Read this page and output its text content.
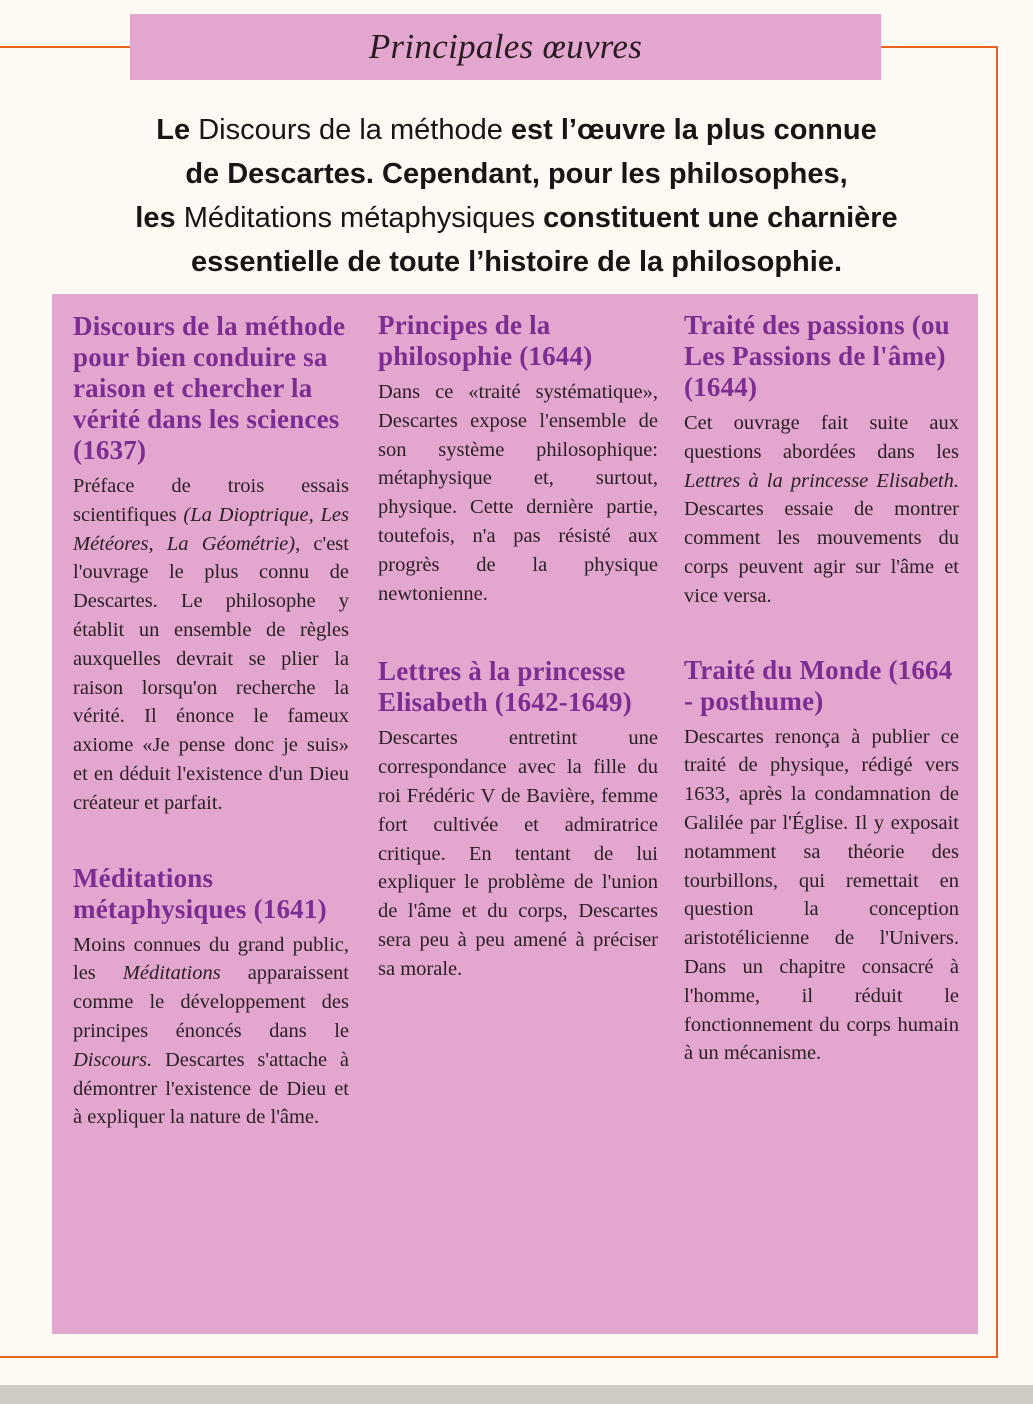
Principales œuvres
Le Discours de la méthode est l’œuvre la plus connue
de Descartes. Cependant, pour les philosophes,
les Méditations métaphysiques constituent une charnière
essentielle de toute l’histoire de la philosophie.
Discours de la méthode pour bien conduire sa raison et chercher la vérité dans les sciences (1637)

Préface de trois essais scientifiques (La Dioptrique, Les Météores, La Géométrie), c'est l'ouvrage le plus connu de Descartes. Le philosophe y établit un ensemble de règles auxquelles devrait se plier la raison lorsqu'on recherche la vérité. Il énonce le fameux axiome «Je pense donc je suis» et en déduit l'existence d'un Dieu créateur et parfait.

Méditations métaphysiques (1641)

Moins connues du grand public, les Méditations apparaissent comme le développement des principes énoncés dans le Discours. Descartes s'attache à démontrer l'existence de Dieu et à expliquer la nature de l'âme.

Principes de la philosophie (1644)

Dans ce «traité systématique», Descartes expose l'ensemble de son système philosophique: métaphysique et, surtout, physique. Cette dernière partie, toutefois, n'a pas résisté aux progrès de la physique newtonienne.

Lettres à la princesse Elisabeth (1642-1649)

Descartes entretint une correspondance avec la fille du roi Frédéric V de Bavière, femme fort cultivée et admiratrice critique. En tentant de lui expliquer le problème de l'union de l'âme et du corps, Descartes sera peu à peu amené à préciser sa morale.

Traité des passions (ou Les Passions de l'âme) (1644)

Cet ouvrage fait suite aux questions abordées dans les Lettres à la princesse Elisabeth. Descartes essaie de montrer comment les mouvements du corps peuvent agir sur l'âme et vice versa.

Traité du Monde (1664 - posthume)

Descartes renonça à publier ce traité de physique, rédigé vers 1633, après la condamnation de Galilée par l'Église. Il y exposait notamment sa théorie des tourbillons, qui remettait en question la conception aristotélicienne de l'Univers. Dans un chapitre consacré à l'homme, il réduit le fonctionnement du corps humain à un mécanisme.
